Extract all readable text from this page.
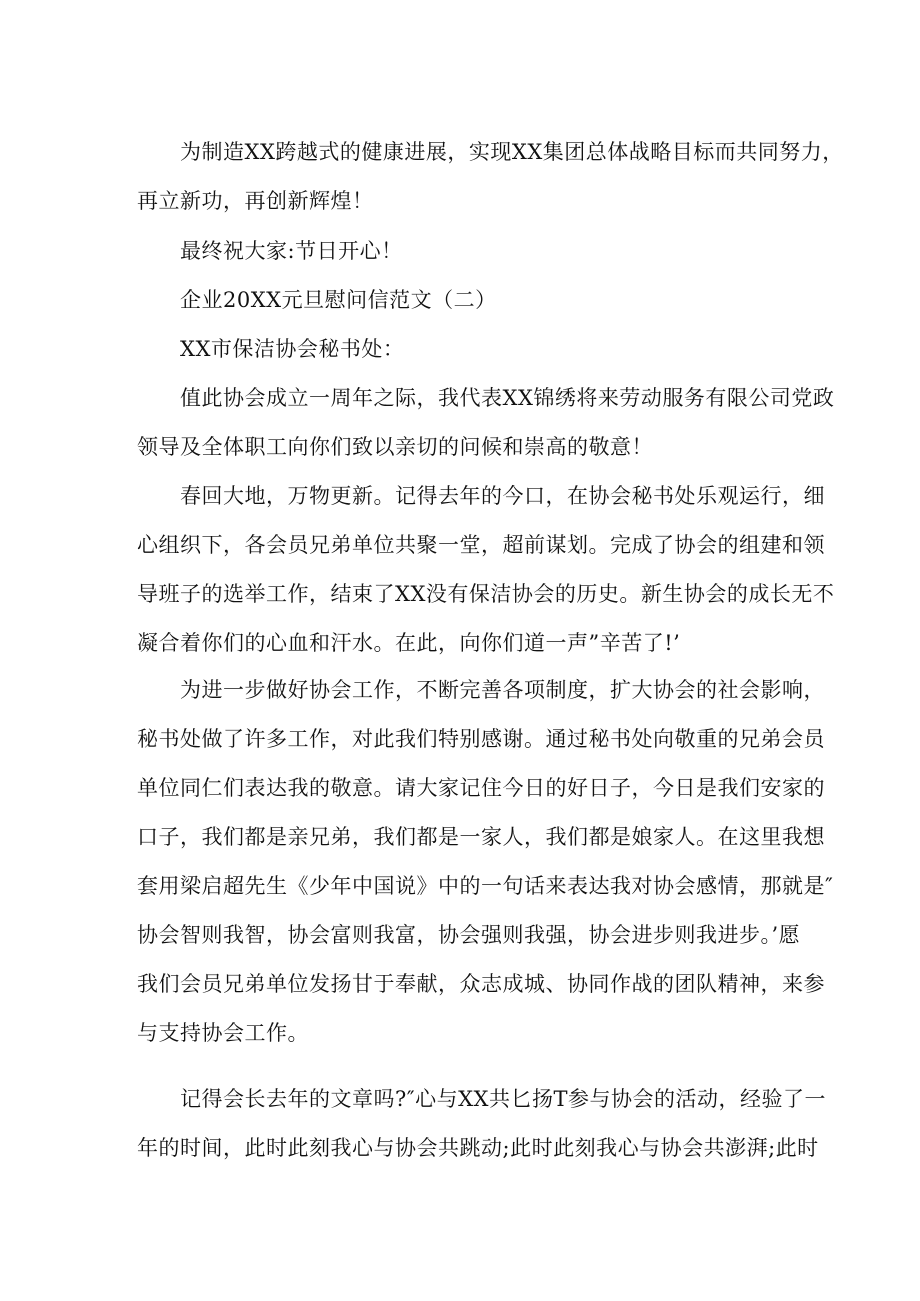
为制造XX跨越式的健康进展，实现XX集团总体战略目标而共同努力，
再立新功，再创新辉煌！
最终祝大家:节日开心！
企业20XX元旦慰问信范文（二）
XX市保洁协会秘书处：
值此协会成立一周年之际，我代表XX锦绣将来劳动服务有限公司党政
领导及全体职工向你们致以亲切的问候和崇高的敬意！
春回大地，万物更新。记得去年的今口，在协会秘书处乐观运行，细
心组织下，各会员兄弟单位共聚一堂，超前谋划。完成了协会的组建和领
导班子的选举工作，结束了XX没有保洁协会的历史。新生协会的成长无不
凝合着你们的心血和汗水。在此，向你们道一声”辛苦了!’
为进一步做好协会工作，不断完善各项制度，扩大协会的社会影响，
秘书处做了许多工作，对此我们特别感谢。通过秘书处向敬重的兄弟会员
单位同仁们表达我的敬意。请大家记住今日的好日子，今日是我们安家的
口子，我们都是亲兄弟，我们都是一家人，我们都是娘家人。在这里我想
套用梁启超先生《少年中国说》中的一句话来表达我对协会感情，那就是″
协会智则我智，协会富则我富，协会强则我强，协会进步则我进步。’愿
我们会员兄弟单位发扬甘于奉献，众志成城、协同作战的团队精神，来参
与支持协会工作。
记得会长去年的文章吗?″心与XX共匕扬T参与协会的活动，经验了一
年的时间，此时此刻我心与协会共跳动;此时此刻我心与协会共澎湃;此时
